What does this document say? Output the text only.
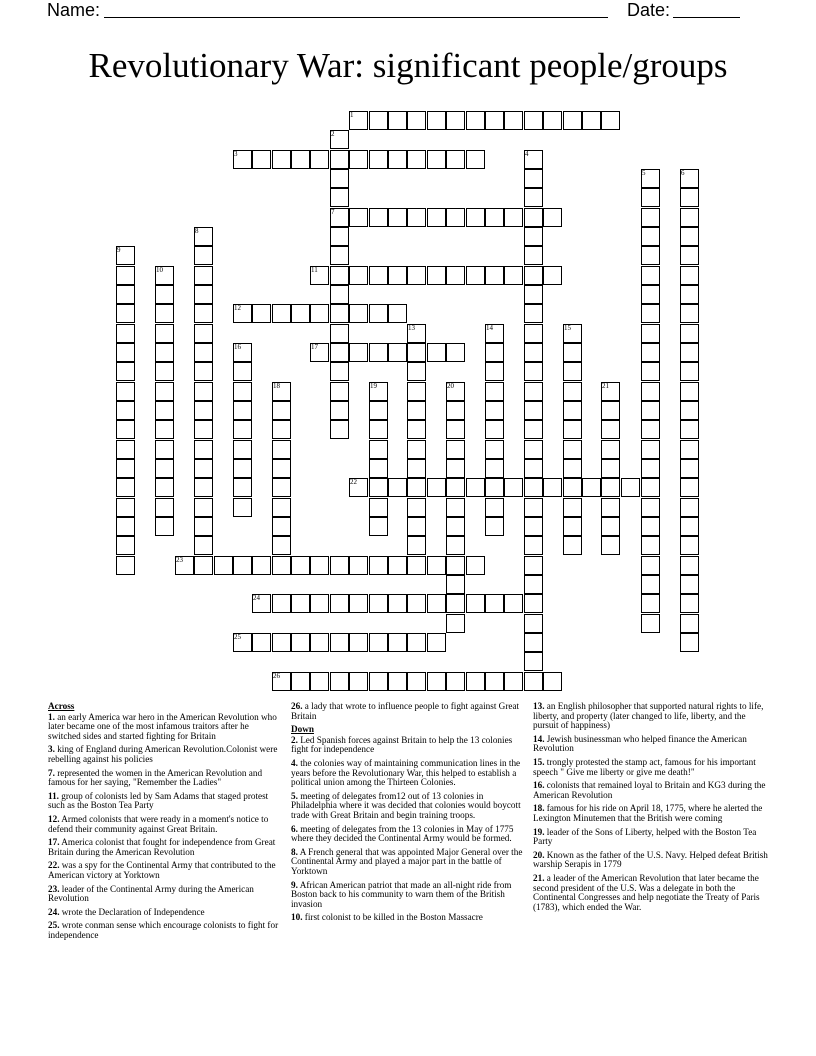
Name:	Date:
Revolutionary War: significant people/groups
1
2
3	4
5	6
7
8
9
10	11
12
13	14	15
16	17
18	19	20	21
22
23
24
25
26
Across
1. an early America war hero in the American Revolution who later became one of the most infamous traitors after he switched sides and started fighting for Britain
3. king of England during American Revolution.Colonist were rebelling against his policies
7. represented the women in the American Revolution and famous for her saying, "Remember the Ladies"
11. group of colonists led by Sam Adams that staged protest such as the Boston Tea Party
12. Armed colonists that were ready in a moment's notice to defend their community against Great Britain.
17. America colonist that fought for independence from Great Britain during the American Revolution
22. was a spy for the Continental Army that contributed to the American victory at Yorktown
23. leader of the Continental Army during the American Revolution
24. wrote the Declaration of Independence
25. wrote conman sense which encourage colonists to fight for independence
26. a lady that wrote to influence people to fight against Great Britain
Down
2. Led Spanish forces against Britain to help the 13 colonies fight for independence
4. the colonies way of maintaining communication lines in the years before the Revolutionary War, this helped to establish a political union among the Thirteen Colonies.
5. meeting of delegates from12 out of 13 colonies in Philadelphia where it was decided that colonies would boycott trade with Great Britain and begin training troops.
6. meeting of delegates from the 13 colonies in May of 1775 where they decided the Continental Army would be formed.
8. A French general that was appointed Major General over the Continental Army and played a major part in the battle of Yorktown
9. African American patriot that made an all-night ride from Boston back to his community to warn them of the British invasion
10. first colonist to be killed in the Boston Massacre
13. an English philosopher that supported natural rights to life, liberty, and property (later changed to life, liberty, and the pursuit of happiness)
14. Jewish businessman who helped finance the American Revolution
15. trongly protested the stamp act, famous for his important speech " Give me liberty or give me death!"
16. colonists that remained loyal to Britain and KG3 during the American Revolution
18. famous for his ride on April 18, 1775, where he alerted the Lexington Minutemen that the British were coming
19. leader of the Sons of Liberty, helped with the Boston Tea Party
20. Known as the father of the U.S. Navy. Helped defeat British warship Serapis in 1779
21. a leader of the American Revolution that later became the second president of the U.S. Was a delegate in both the Continental Congresses and help negotiate the Treaty of Paris (1783), which ended the War.
